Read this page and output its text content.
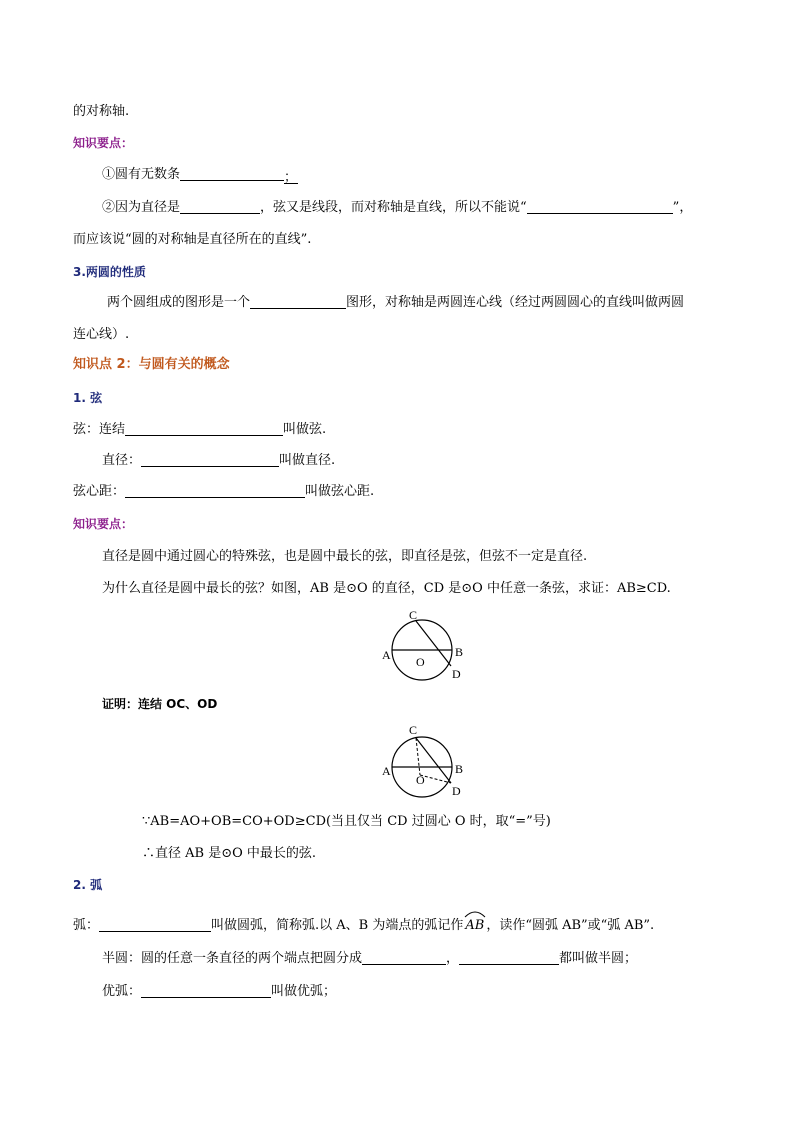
的对称轴.
知识要点：
①圆有无数条	；
②因为直径是	，弦又是线段，而对称轴是直线，所以不能说“	”，
而应该说“圆的对称轴是直径所在的直线”.
3.两圆的性质
两个圆组成的图形是一个	图形，对称轴是两圆连心线（经过两圆圆心的直线叫做两圆
连心线）.
知识点 2：与圆有关的概念
1. 弦
弦：连结	叫做弦.
直径：	叫做直径.
弦心距：	叫做弦心距.
知识要点：
直径是圆中通过圆心的特殊弦，也是圆中最长的弦，即直径是弦，但弦不一定是直径.
为什么直径是圆中最长的弦？如图，AB 是⊙O 的直径，CD 是⊙O 中任意一条弦，求证：AB≥CD.
C
A	B
D
O
证明：连结 OC、OD
C
A	B
D
O
∵AB=AO+OB=CO+OD≥CD(当且仅当 CD 过圆心 O 时，取“=”号)
∴直径 AB 是⊙O 中最长的弦.
2. 弧
弧：	叫做圆弧，简称弧.以 A、B 为端点的弧记作 AB ，读作“圆弧 AB”或“弧 AB”.
半圆：圆的任意一条直径的两个端点把圆分成	，	都叫做半圆；
优弧：	叫做优弧；
